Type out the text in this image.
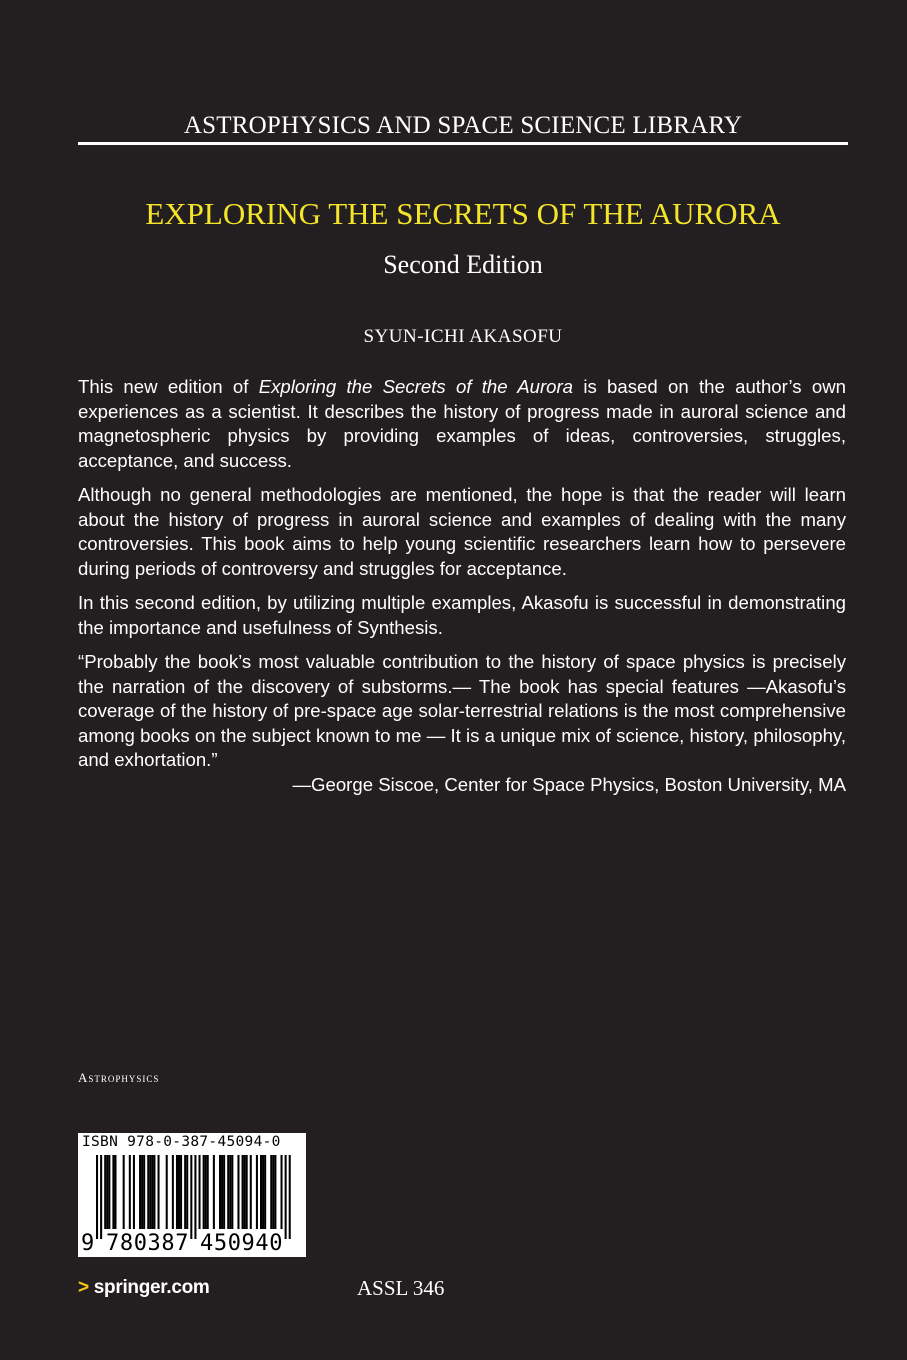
ASTROPHYSICS AND SPACE SCIENCE LIBRARY
EXPLORING THE SECRETS OF THE AURORA
Second Edition
SYUN-ICHI AKASOFU

This new edition of Exploring the Secrets of the Aurora is based on the author’s own experiences as a scientist. It describes the history of progress made in auroral science and magnetospheric physics by providing examples of ideas, controversies, struggles, acceptance, and success.

Although no general methodologies are mentioned, the hope is that the reader will learn about the history of progress in auroral science and examples of dealing with the many controversies. This book aims to help young scientific researchers learn how to persevere during periods of controversy and struggles for acceptance.

In this second edition, by utilizing multiple examples, Akasofu is successful in demonstrating the importance and usefulness of Synthesis.

“Probably the book’s most valuable contribution to the history of space physics is precisely the narration of the discovery of substorms.— The book has special features —Akasofu’s coverage of the history of pre-space age solar-terrestrial relations is the most comprehensive among books on the subject known to me — It is a unique mix of science, history, philosophy, and exhortation.”

—George Siscoe, Center for Space Physics, Boston University, MA

Astrophysics
ISBN 978-0-387-45094-0
9 780387 450940
> springer.com	ASSL 346
